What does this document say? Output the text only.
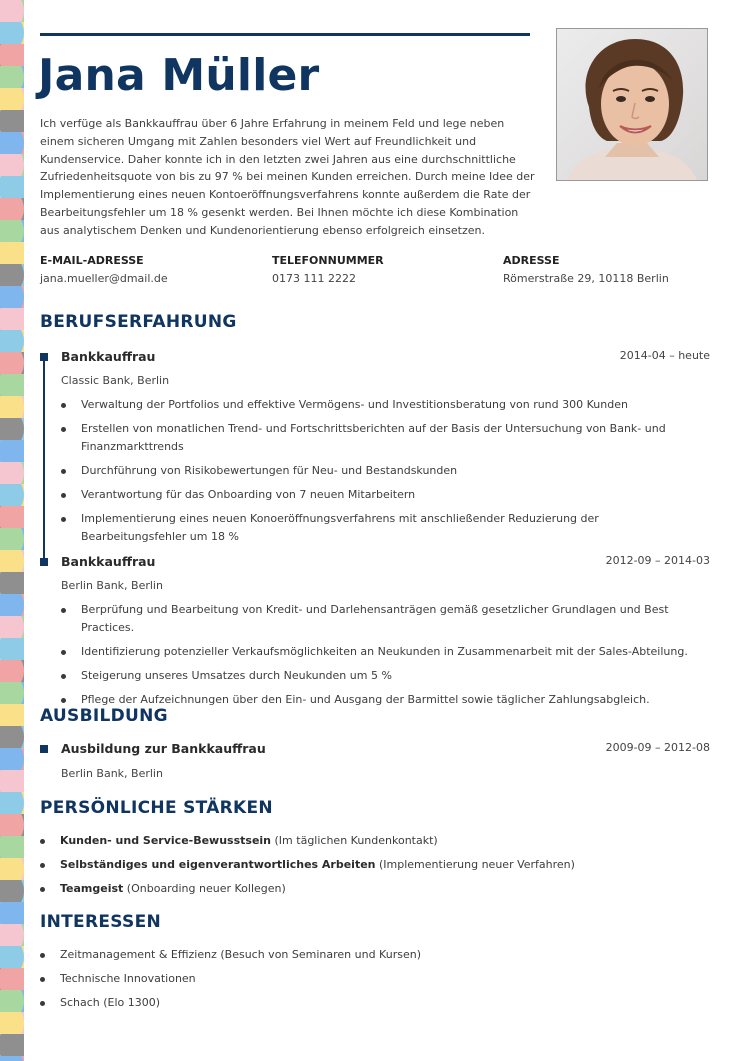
Jana Müller

Ich verfüge als Bankkauffrau über 6 Jahre Erfahrung in meinem Feld und lege neben einem sicheren Umgang mit Zahlen besonders viel Wert auf Freundlichkeit und Kundenservice. Daher konnte ich in den letzten zwei Jahren aus eine durchschnittliche Zufriedenheitsquote von bis zu 97 % bei meinen Kunden erreichen. Durch meine Idee der Implementierung eines neuen Kontoeröffnungsverfahrens konnte außerdem die Rate der Bearbeitungsfehler um 18 % gesenkt werden. Bei Ihnen möchte ich diese Kombination aus analytischem Denken und Kundenorientierung ebenso erfolgreich einsetzen.

E-MAIL-ADRESSE
jana.mueller@dmail.de
TELEFONNUMMER
0173 111 2222
ADRESSE
Römerstraße 29, 10118 Berlin
BERUFSERFAHRUNG
Bankkauffrau	2014-04 – heute
Classic Bank, Berlin
Verwaltung der Portfolios und effektive Vermögens- und Investitionsberatung von rund 300 Kunden
Erstellen von monatlichen Trend- und Fortschrittsberichten auf der Basis der Untersuchung von Bank- und Finanzmarkttrends
Durchführung von Risikobewertungen für Neu- und Bestandskunden
Verantwortung für das Onboarding von 7 neuen Mitarbeitern
Implementierung eines neuen Konoeröffnungsverfahrens mit anschließender Reduzierung der Bearbeitungsfehler um 18 %
Bankkauffrau	2012-09 – 2014-03
Berlin Bank, Berlin
Berprüfung und Bearbeitung von Kredit- und Darlehensanträgen gemäß gesetzlicher Grundlagen und Best Practices.
Identifizierung potenzieller Verkaufsmöglichkeiten an Neukunden in Zusammenarbeit mit der Sales-Abteilung.
Steigerung unseres Umsatzes durch Neukunden um 5 %
Pflege der Aufzeichnungen über den Ein- und Ausgang der Barmittel sowie täglicher Zahlungsabgleich.
AUSBILDUNG
Ausbildung zur Bankkauffrau	2009-09 – 2012-08
Berlin Bank, Berlin
PERSÖNLICHE STÄRKEN
Kunden- und Service-Bewusstsein (Im täglichen Kundenkontakt)
Selbständiges und eigenverantwortliches Arbeiten (Implementierung neuer Verfahren)
Teamgeist (Onboarding neuer Kollegen)
INTERESSEN
Zeitmanagement & Effizienz (Besuch von Seminaren und Kursen)
Technische Innovationen
Schach (Elo 1300)
